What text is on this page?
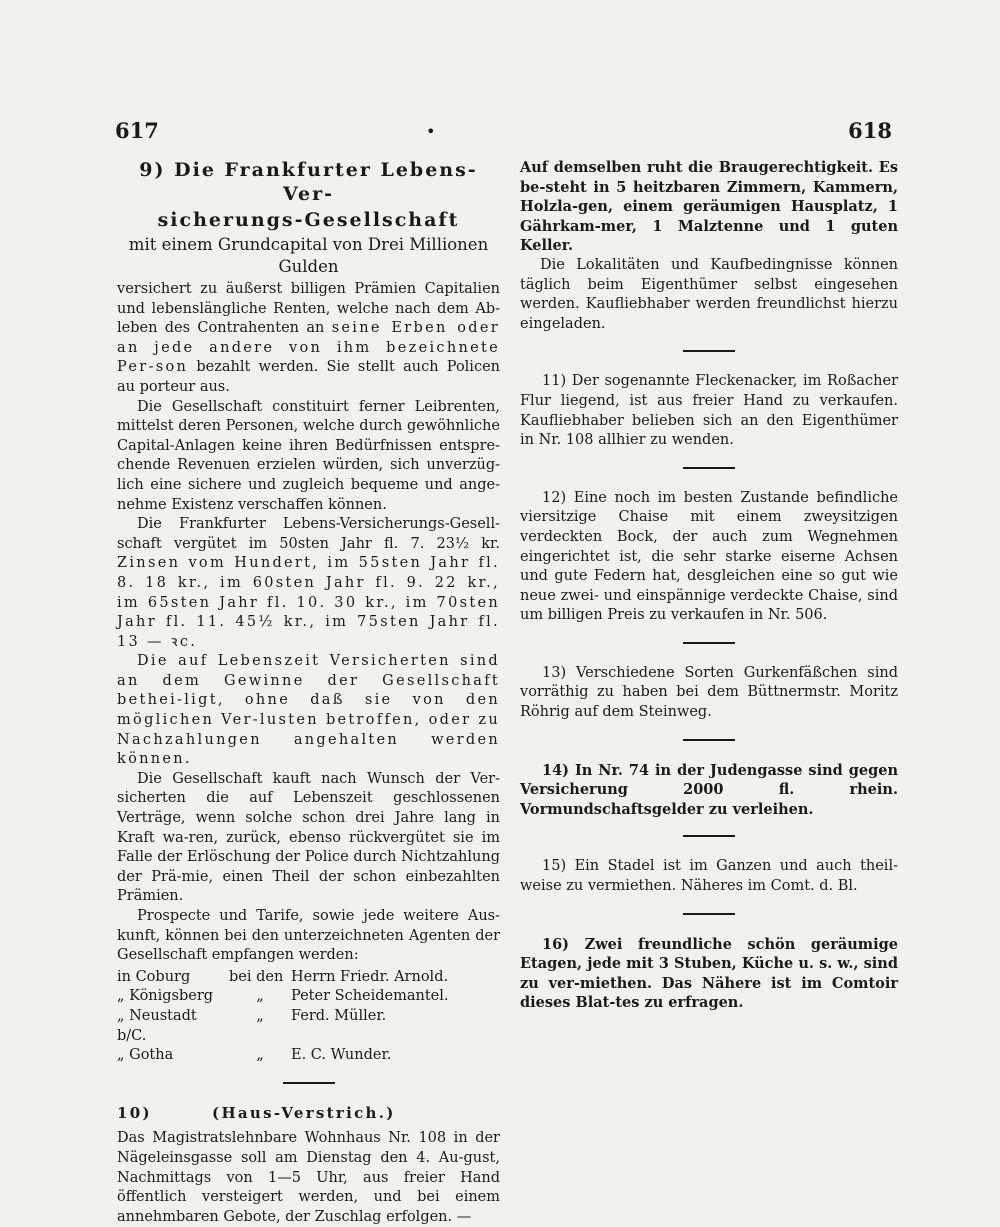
617	•	618
9) Die Frankfurter Lebens-Ver-
sicherungs-Gesellschaft
mit einem Grundcapital von Drei Millionen Gulden

versichert zu äußerst billigen Prämien Capitalien und lebenslängliche Renten, welche nach dem Ab-leben des Contrahenten an seine Erben oder an jede andere von ihm bezeichnete Per-son bezahlt werden. Sie stellt auch Policen au porteur aus.

Die Gesellschaft constituirt ferner Leibrenten, mittelst deren Personen, welche durch gewöhnliche Capital-Anlagen keine ihren Bedürfnissen entspre-chende Revenuen erzielen würden, sich unverzüg-lich eine sichere und zugleich bequeme und ange-nehme Existenz verschaffen können.

Die Frankfurter Lebens-Versicherungs-Gesell-schaft vergütet im 50sten Jahr fl. 7. 23½ kr. Zinsen vom Hundert, im 55sten Jahr fl. 8. 18 kr., im 60sten Jahr fl. 9. 22 kr., im 65sten Jahr fl. 10. 30 kr., im 70sten Jahr fl. 11. 45½ kr., im 75sten Jahr fl. 13 — ꝛc.

Die auf Lebenszeit Versicherten sind an dem Gewinne der Gesellschaft bethei-ligt, ohne daß sie von den möglichen Ver-lusten betroffen, oder zu Nachzahlungen angehalten werden können.

Die Gesellschaft kauft nach Wunsch der Ver-sicherten die auf Lebenszeit geschlossenen Verträge, wenn solche schon drei Jahre lang in Kraft wa-ren, zurück, ebenso rückvergütet sie im Falle der Erlöschung der Police durch Nichtzahlung der Prä-mie, einen Theil der schon einbezahlten Prämien.

Prospecte und Tarife, sowie jede weitere Aus-kunft, können bei den unterzeichneten Agenten der Gesellschaft empfangen werden:

in Coburg	bei den	Herrn Friedr. Arnold.
„ Königsberg	„	Peter Scheidemantel.
„ Neustadt b/C.	„	Ferd. Müller.
„ Gotha	„	E. C. Wunder.
10)        (Haus-Verstrich.)

Das Magistratslehnbare Wohnhaus Nr. 108 in der Nägeleinsgasse soll am Dienstag den 4. Au-gust, Nachmittags von 1—5 Uhr, aus freier Hand öffentlich versteigert werden, und bei einem annehmbaren Gebote, der Zuschlag erfolgen. —

Auf demselben ruht die Braugerechtigkeit. Es be-steht in 5 heitzbaren Zimmern, Kammern, Holzla-gen, einem geräumigen Hausplatz, 1 Gährkam-mer, 1 Malztenne und 1 guten Keller.

Die Lokalitäten und Kaufbedingnisse können täglich beim Eigenthümer selbst eingesehen werden. Kaufliebhaber werden freundlichst hierzu eingeladen.

11) Der sogenannte Fleckenacker, im Roßacher Flur liegend, ist aus freier Hand zu verkaufen. Kaufliebhaber belieben sich an den Eigenthümer in Nr. 108 allhier zu wenden.

12) Eine noch im besten Zustande befindliche viersitzige Chaise mit einem zweysitzigen verdeckten Bock, der auch zum Wegnehmen eingerichtet ist, die sehr starke eiserne Achsen und gute Federn hat, desgleichen eine so gut wie neue zwei- und einspännige verdeckte Chaise, sind um billigen Preis zu verkaufen in Nr. 506.

13) Verschiedene Sorten Gurkenfäßchen sind vorräthig zu haben bei dem Büttnermstr. Moritz Röhrig auf dem Steinweg.

14) In Nr. 74 in der Judengasse sind gegen Versicherung 2000 fl. rhein. Vormundschaftsgelder zu verleihen.

15) Ein Stadel ist im Ganzen und auch theil-weise zu vermiethen. Näheres im Comt. d. Bl.

16) Zwei freundliche schön geräumige Etagen, jede mit 3 Stuben, Küche u. s. w., sind zu ver-miethen. Das Nähere ist im Comtoir dieses Blat-tes zu erfragen.
